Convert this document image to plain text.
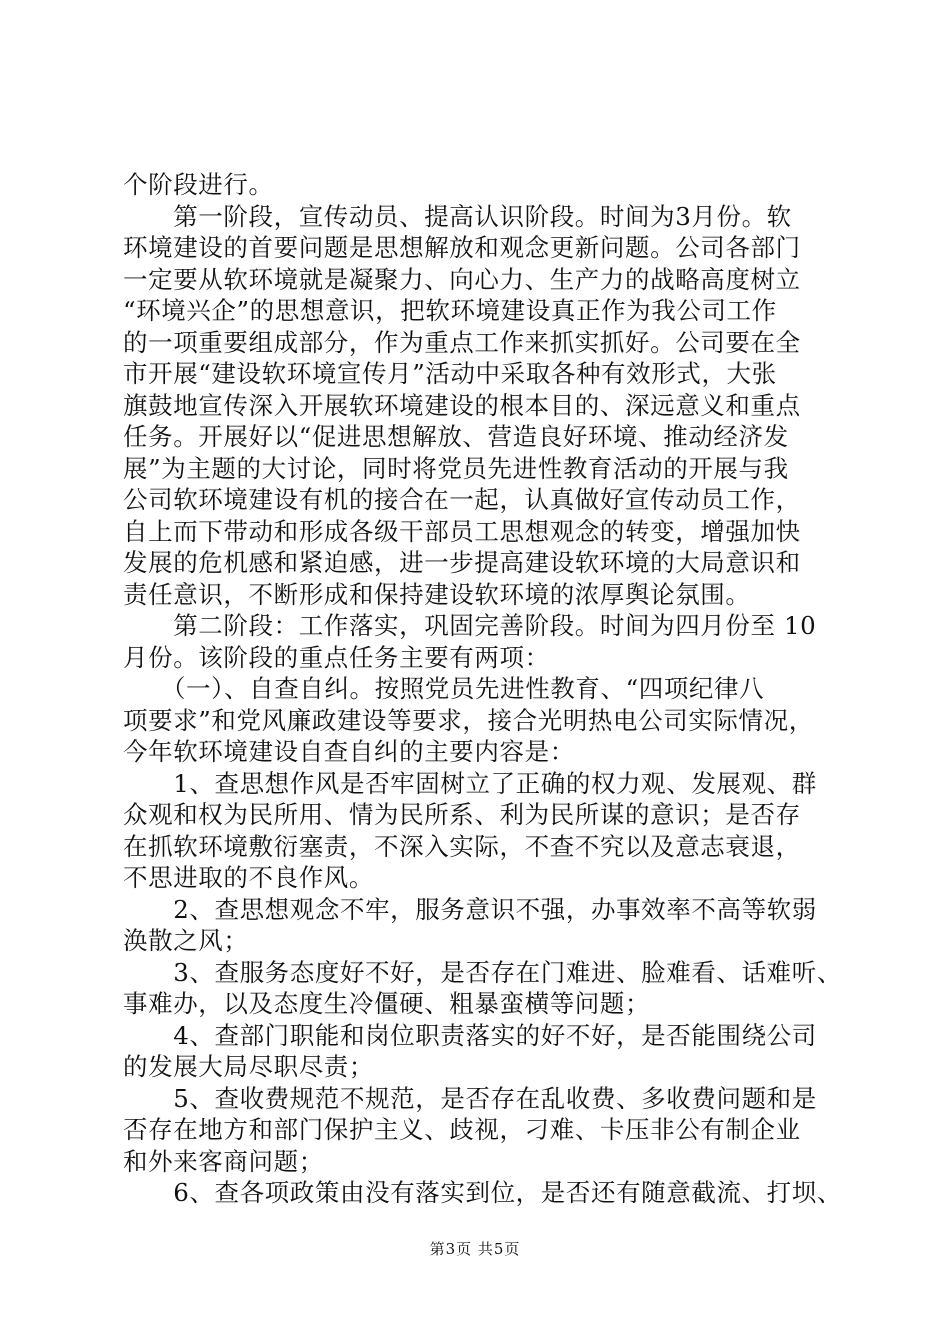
个阶段进行。
　　第一阶段，宣传动员、提高认识阶段。时间为3月份。软
环境建设的首要问题是思想解放和观念更新问题。公司各部门
一定要从软环境就是凝聚力、向心力、生产力的战略高度树立
“环境兴企”的思想意识，把软环境建设真正作为我公司工作
的一项重要组成部分，作为重点工作来抓实抓好。公司要在全
市开展“建设软环境宣传月”活动中采取各种有效形式，大张
旗鼓地宣传深入开展软环境建设的根本目的、深远意义和重点
任务。开展好以“促进思想解放、营造良好环境、推动经济发
展”为主题的大讨论，同时将党员先进性教育活动的开展与我
公司软环境建设有机的接合在一起，认真做好宣传动员工作，
自上而下带动和形成各级干部员工思想观念的转变，增强加快
发展的危机感和紧迫感，进一步提高建设软环境的大局意识和
责任意识，不断形成和保持建设软环境的浓厚舆论氛围。
　　第二阶段：工作落实，巩固完善阶段。时间为四月份至 10
月份。该阶段的重点任务主要有两项：
　　（一）、自查自纠。按照党员先进性教育、“四项纪律八
项要求”和党风廉政建设等要求，接合光明热电公司实际情况，
今年软环境建设自查自纠的主要内容是：
　　1、查思想作风是否牢固树立了正确的权力观、发展观、群
众观和权为民所用、情为民所系、利为民所谋的意识；是否存
在抓软环境敷衍塞责，不深入实际，不查不究以及意志衰退，
不思进取的不良作风。
　　2、查思想观念不牢，服务意识不强，办事效率不高等软弱
涣散之风；
　　3、查服务态度好不好，是否存在门难进、脸难看、话难听、
事难办，以及态度生冷僵硬、粗暴蛮横等问题；
　　4、查部门职能和岗位职责落实的好不好，是否能围绕公司
的发展大局尽职尽责；
　　5、查收费规范不规范，是否存在乱收费、多收费问题和是
否存在地方和部门保护主义、歧视，刁难、卡压非公有制企业
和外来客商问题；
　　6、查各项政策由没有落实到位，是否还有随意截流、打坝、
第3页 共5页
